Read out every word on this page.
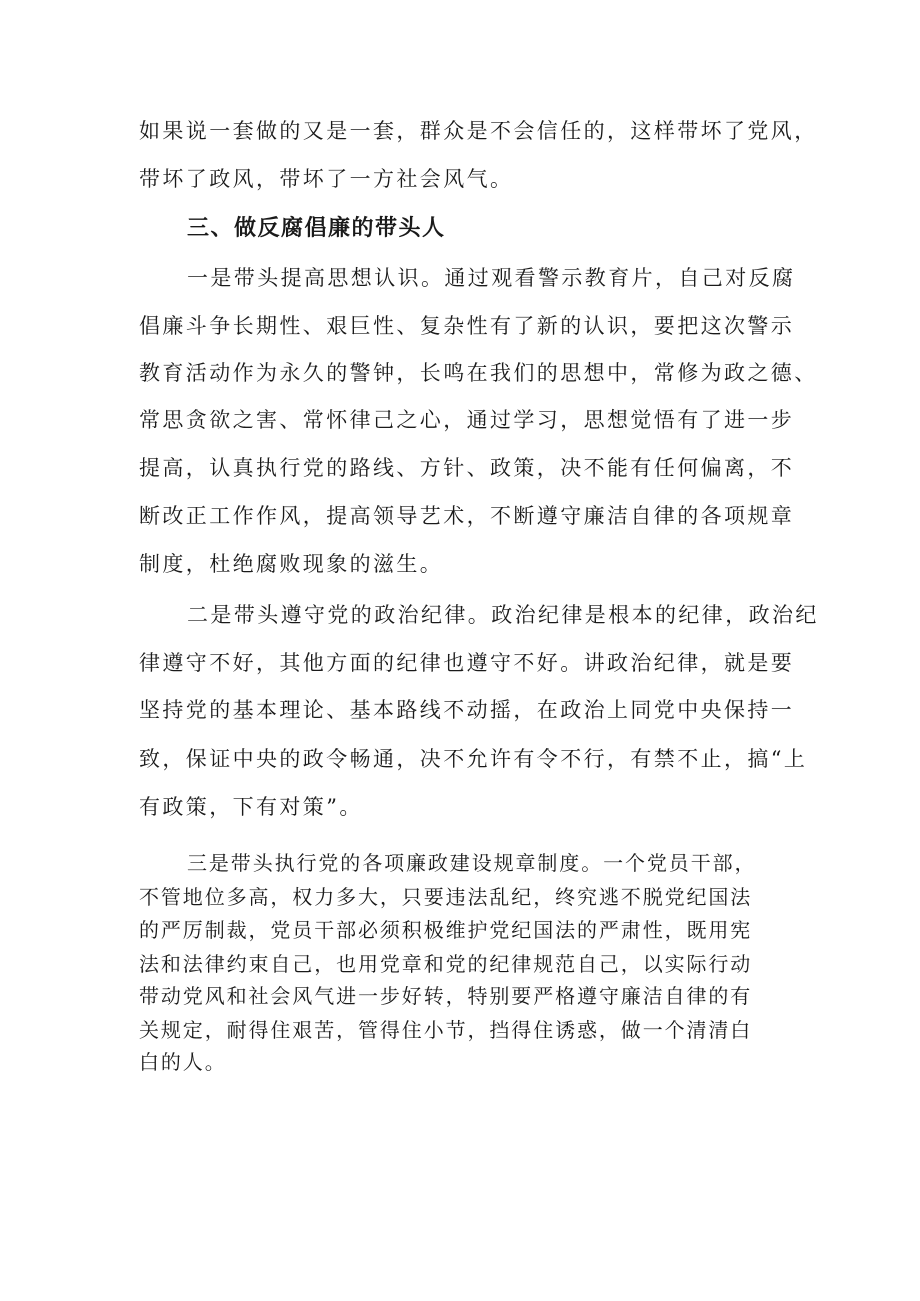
如果说一套做的又是一套，群众是不会信任的，这样带坏了党风，
带坏了政风，带坏了一方社会风气。
三、做反腐倡廉的带头人
一是带头提高思想认识。通过观看警示教育片，自己对反腐
倡廉斗争长期性、艰巨性、复杂性有了新的认识，要把这次警示
教育活动作为永久的警钟，长鸣在我们的思想中，常修为政之德、
常思贪欲之害、常怀律己之心，通过学习，思想觉悟有了进一步
提高，认真执行党的路线、方针、政策，决不能有任何偏离，不
断改正工作作风，提高领导艺术，不断遵守廉洁自律的各项规章
制度，杜绝腐败现象的滋生。
二是带头遵守党的政治纪律。政治纪律是根本的纪律，政治纪
律遵守不好，其他方面的纪律也遵守不好。讲政治纪律，就是要
坚持党的基本理论、基本路线不动摇，在政治上同党中央保持一
致，保证中央的政令畅通，决不允许有令不行，有禁不止，搞“上
有政策，下有对策”。
三是带头执行党的各项廉政建设规章制度。一个党员干部，
不管地位多高，权力多大，只要违法乱纪，终究逃不脱党纪国法
的严厉制裁，党员干部必须积极维护党纪国法的严肃性，既用宪
法和法律约束自己，也用党章和党的纪律规范自己，以实际行动
带动党风和社会风气进一步好转，特别要严格遵守廉洁自律的有
关规定，耐得住艰苦，管得住小节，挡得住诱惑，做一个清清白
白的人。
